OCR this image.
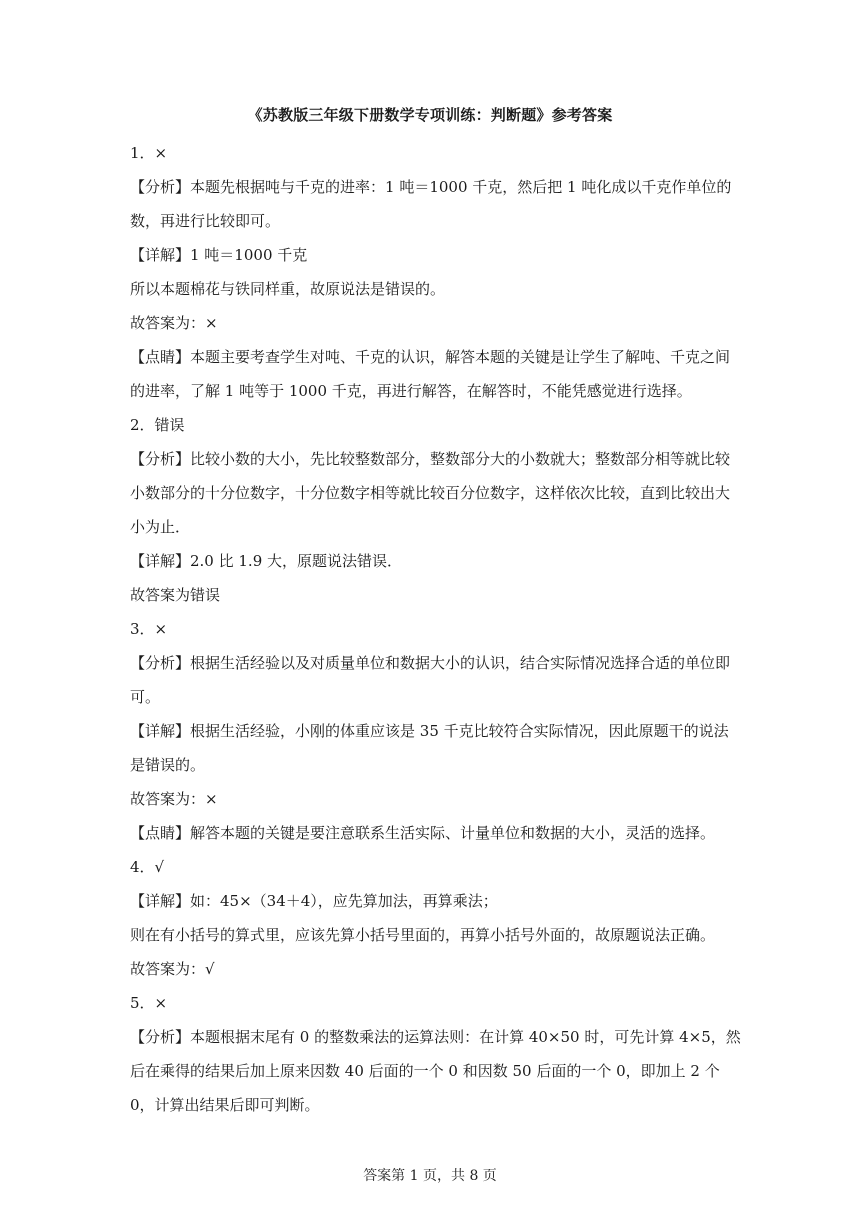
《苏教版三年级下册数学专项训练：判断题》参考答案

1．×

【分析】本题先根据吨与千克的进率：1 吨＝1000 千克，然后把 1 吨化成以千克作单位的数，再进行比较即可。

【详解】1 吨＝1000 千克

所以本题棉花与铁同样重，故原说法是错误的。

故答案为：×

【点睛】本题主要考查学生对吨、千克的认识，解答本题的关键是让学生了解吨、千克之间的进率，了解 1 吨等于 1000 千克，再进行解答，在解答时，不能凭感觉进行选择。

2．错误

【分析】比较小数的大小，先比较整数部分，整数部分大的小数就大；整数部分相等就比较小数部分的十分位数字，十分位数字相等就比较百分位数字，这样依次比较，直到比较出大小为止．

【详解】2.0 比 1.9 大，原题说法错误．

故答案为错误

3．×

【分析】根据生活经验以及对质量单位和数据大小的认识，结合实际情况选择合适的单位即可。

【详解】根据生活经验，小刚的体重应该是 35 千克比较符合实际情况，因此原题干的说法是错误的。

故答案为：×

【点睛】解答本题的关键是要注意联系生活实际、计量单位和数据的大小，灵活的选择。

4．√

【详解】如：45×（34＋4），应先算加法，再算乘法；

则在有小括号的算式里，应该先算小括号里面的，再算小括号外面的，故原题说法正确。

故答案为：√

5．×

【分析】本题根据末尾有 0 的整数乘法的运算法则：在计算 40×50 时，可先计算 4×5，然后在乘得的结果后加上原来因数 40 后面的一个 0 和因数 50 后面的一个 0，即加上 2 个 0，计算出结果后即可判断。

答案第 1 页，共 8 页
